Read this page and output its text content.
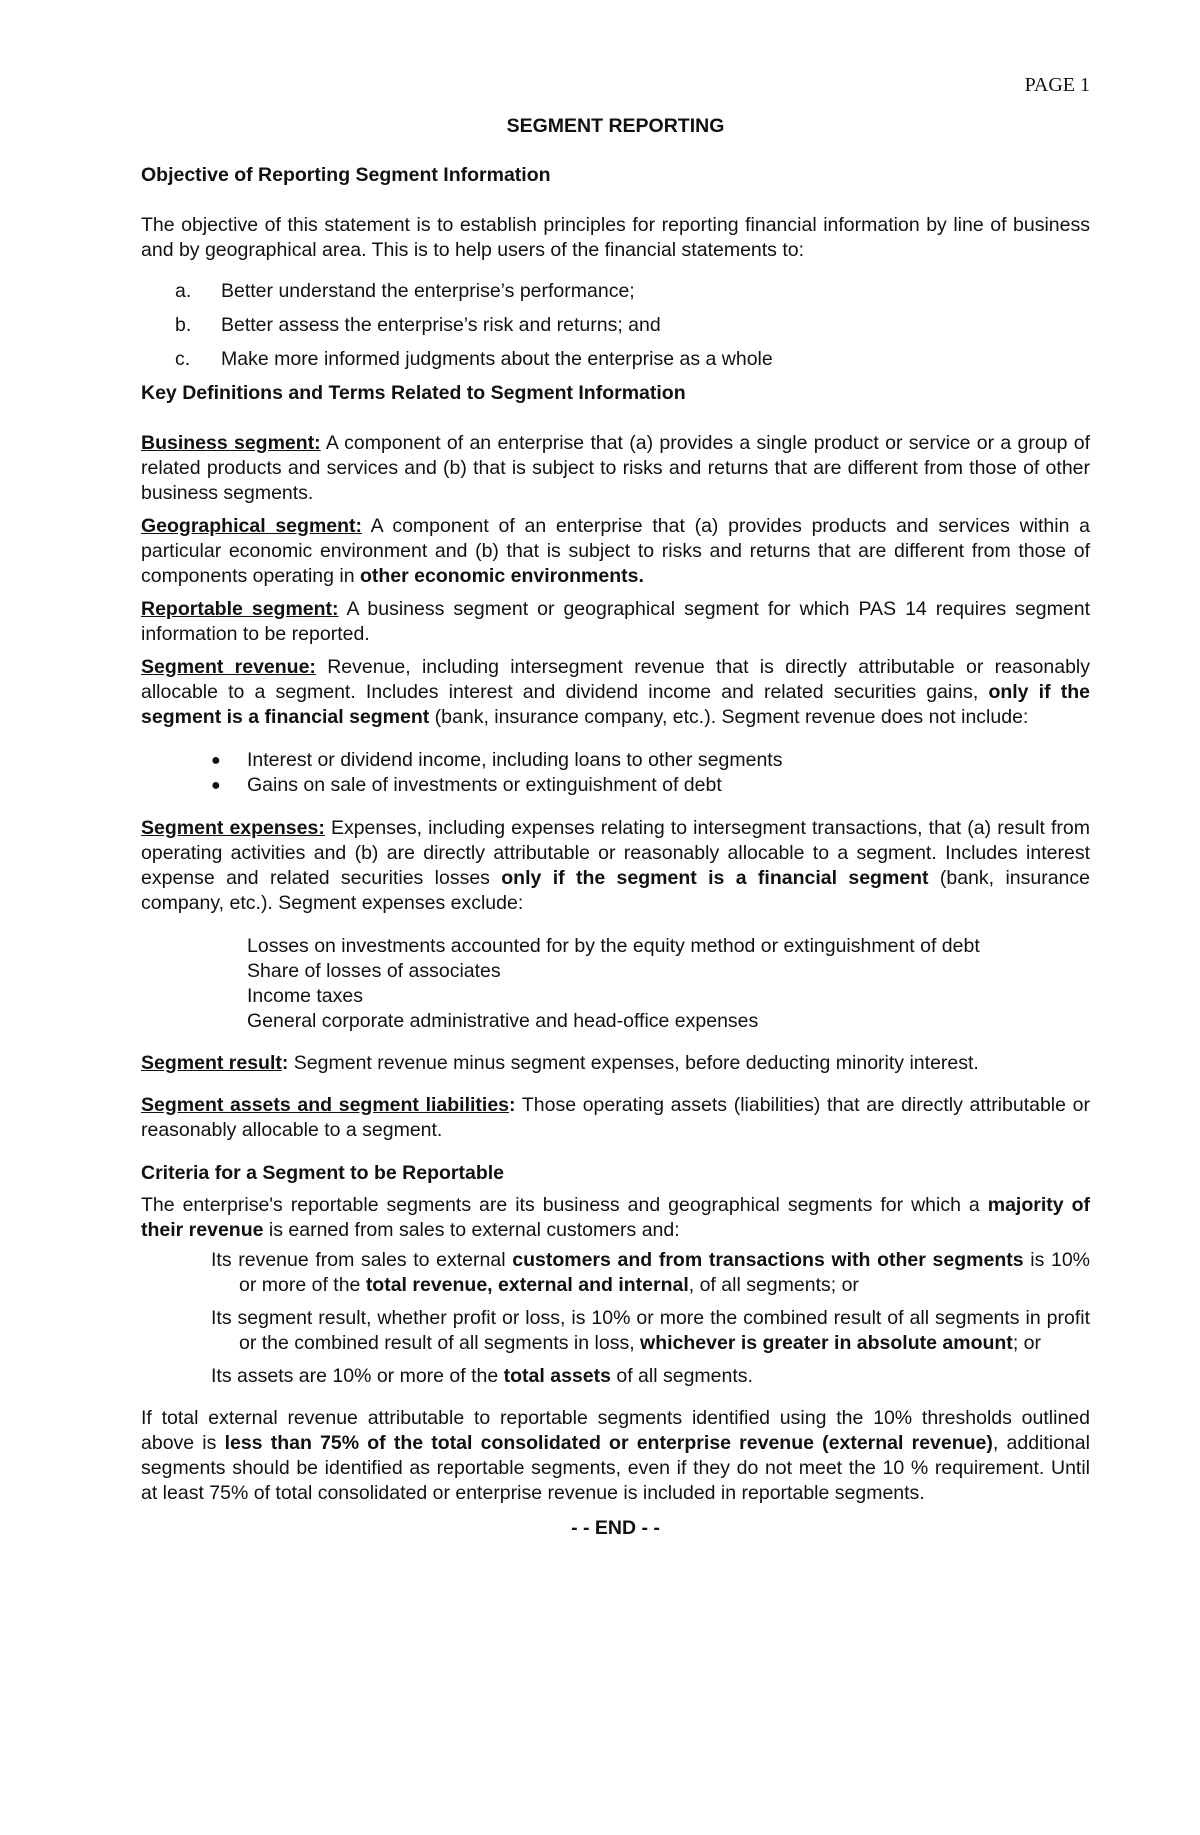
PAGE 1
SEGMENT REPORTING
Objective of Reporting Segment Information

The objective of this statement is to establish principles for reporting financial information by line of business and by geographical area. This is to help users of the financial statements to:

a.	Better understand the enterprise’s performance;
b.	Better assess the enterprise’s risk and returns; and
c.	Make more informed judgments about the enterprise as a whole
Key Definitions and Terms Related to Segment Information

Business segment: A component of an enterprise that (a) provides a single product or service or a group of related products and services and (b) that is subject to risks and returns that are different from those of other business segments.

Geographical segment: A component of an enterprise that (a) provides products and services within a particular economic environment and (b) that is subject to risks and returns that are different from those of components operating in other economic environments.

Reportable segment: A business segment or geographical segment for which PAS 14 requires segment information to be reported.

Segment revenue: Revenue, including intersegment revenue that is directly attributable or reasonably allocable to a segment. Includes interest and dividend income and related securities gains, only if the segment is a financial segment (bank, insurance company, etc.). Segment revenue does not include:

●	Interest or dividend income, including loans to other segments
●	Gains on sale of investments or extinguishment of debt

Segment expenses: Expenses, including expenses relating to intersegment transactions, that (a) result from operating activities and (b) are directly attributable or reasonably allocable to a segment. Includes interest expense and related securities losses only if the segment is a financial segment (bank, insurance company, etc.). Segment expenses exclude:

Losses on investments accounted for by the equity method or extinguishment of debt
Share of losses of associates
Income taxes
General corporate administrative and head-office expenses

Segment result: Segment revenue minus segment expenses, before deducting minority interest.

Segment assets and segment liabilities: Those operating assets (liabilities) that are directly attributable or reasonably allocable to a segment.

Criteria for a Segment to be Reportable

The enterprise's reportable segments are its business and geographical segments for which a majority of their revenue is earned from sales to external customers and:

Its revenue from sales to external customers and from transactions with other segments is 10% or more of the total revenue, external and internal, of all segments; or

Its segment result, whether profit or loss, is 10% or more the combined result of all segments in profit or the combined result of all segments in loss, whichever is greater in absolute amount; or

Its assets are 10% or more of the total assets of all segments.

If total external revenue attributable to reportable segments identified using the 10% thresholds outlined above is less than 75% of the total consolidated or enterprise revenue (external revenue), additional segments should be identified as reportable segments, even if they do not meet the 10 % requirement. Until at least 75% of total consolidated or enterprise revenue is included in reportable segments.

- - END - -
